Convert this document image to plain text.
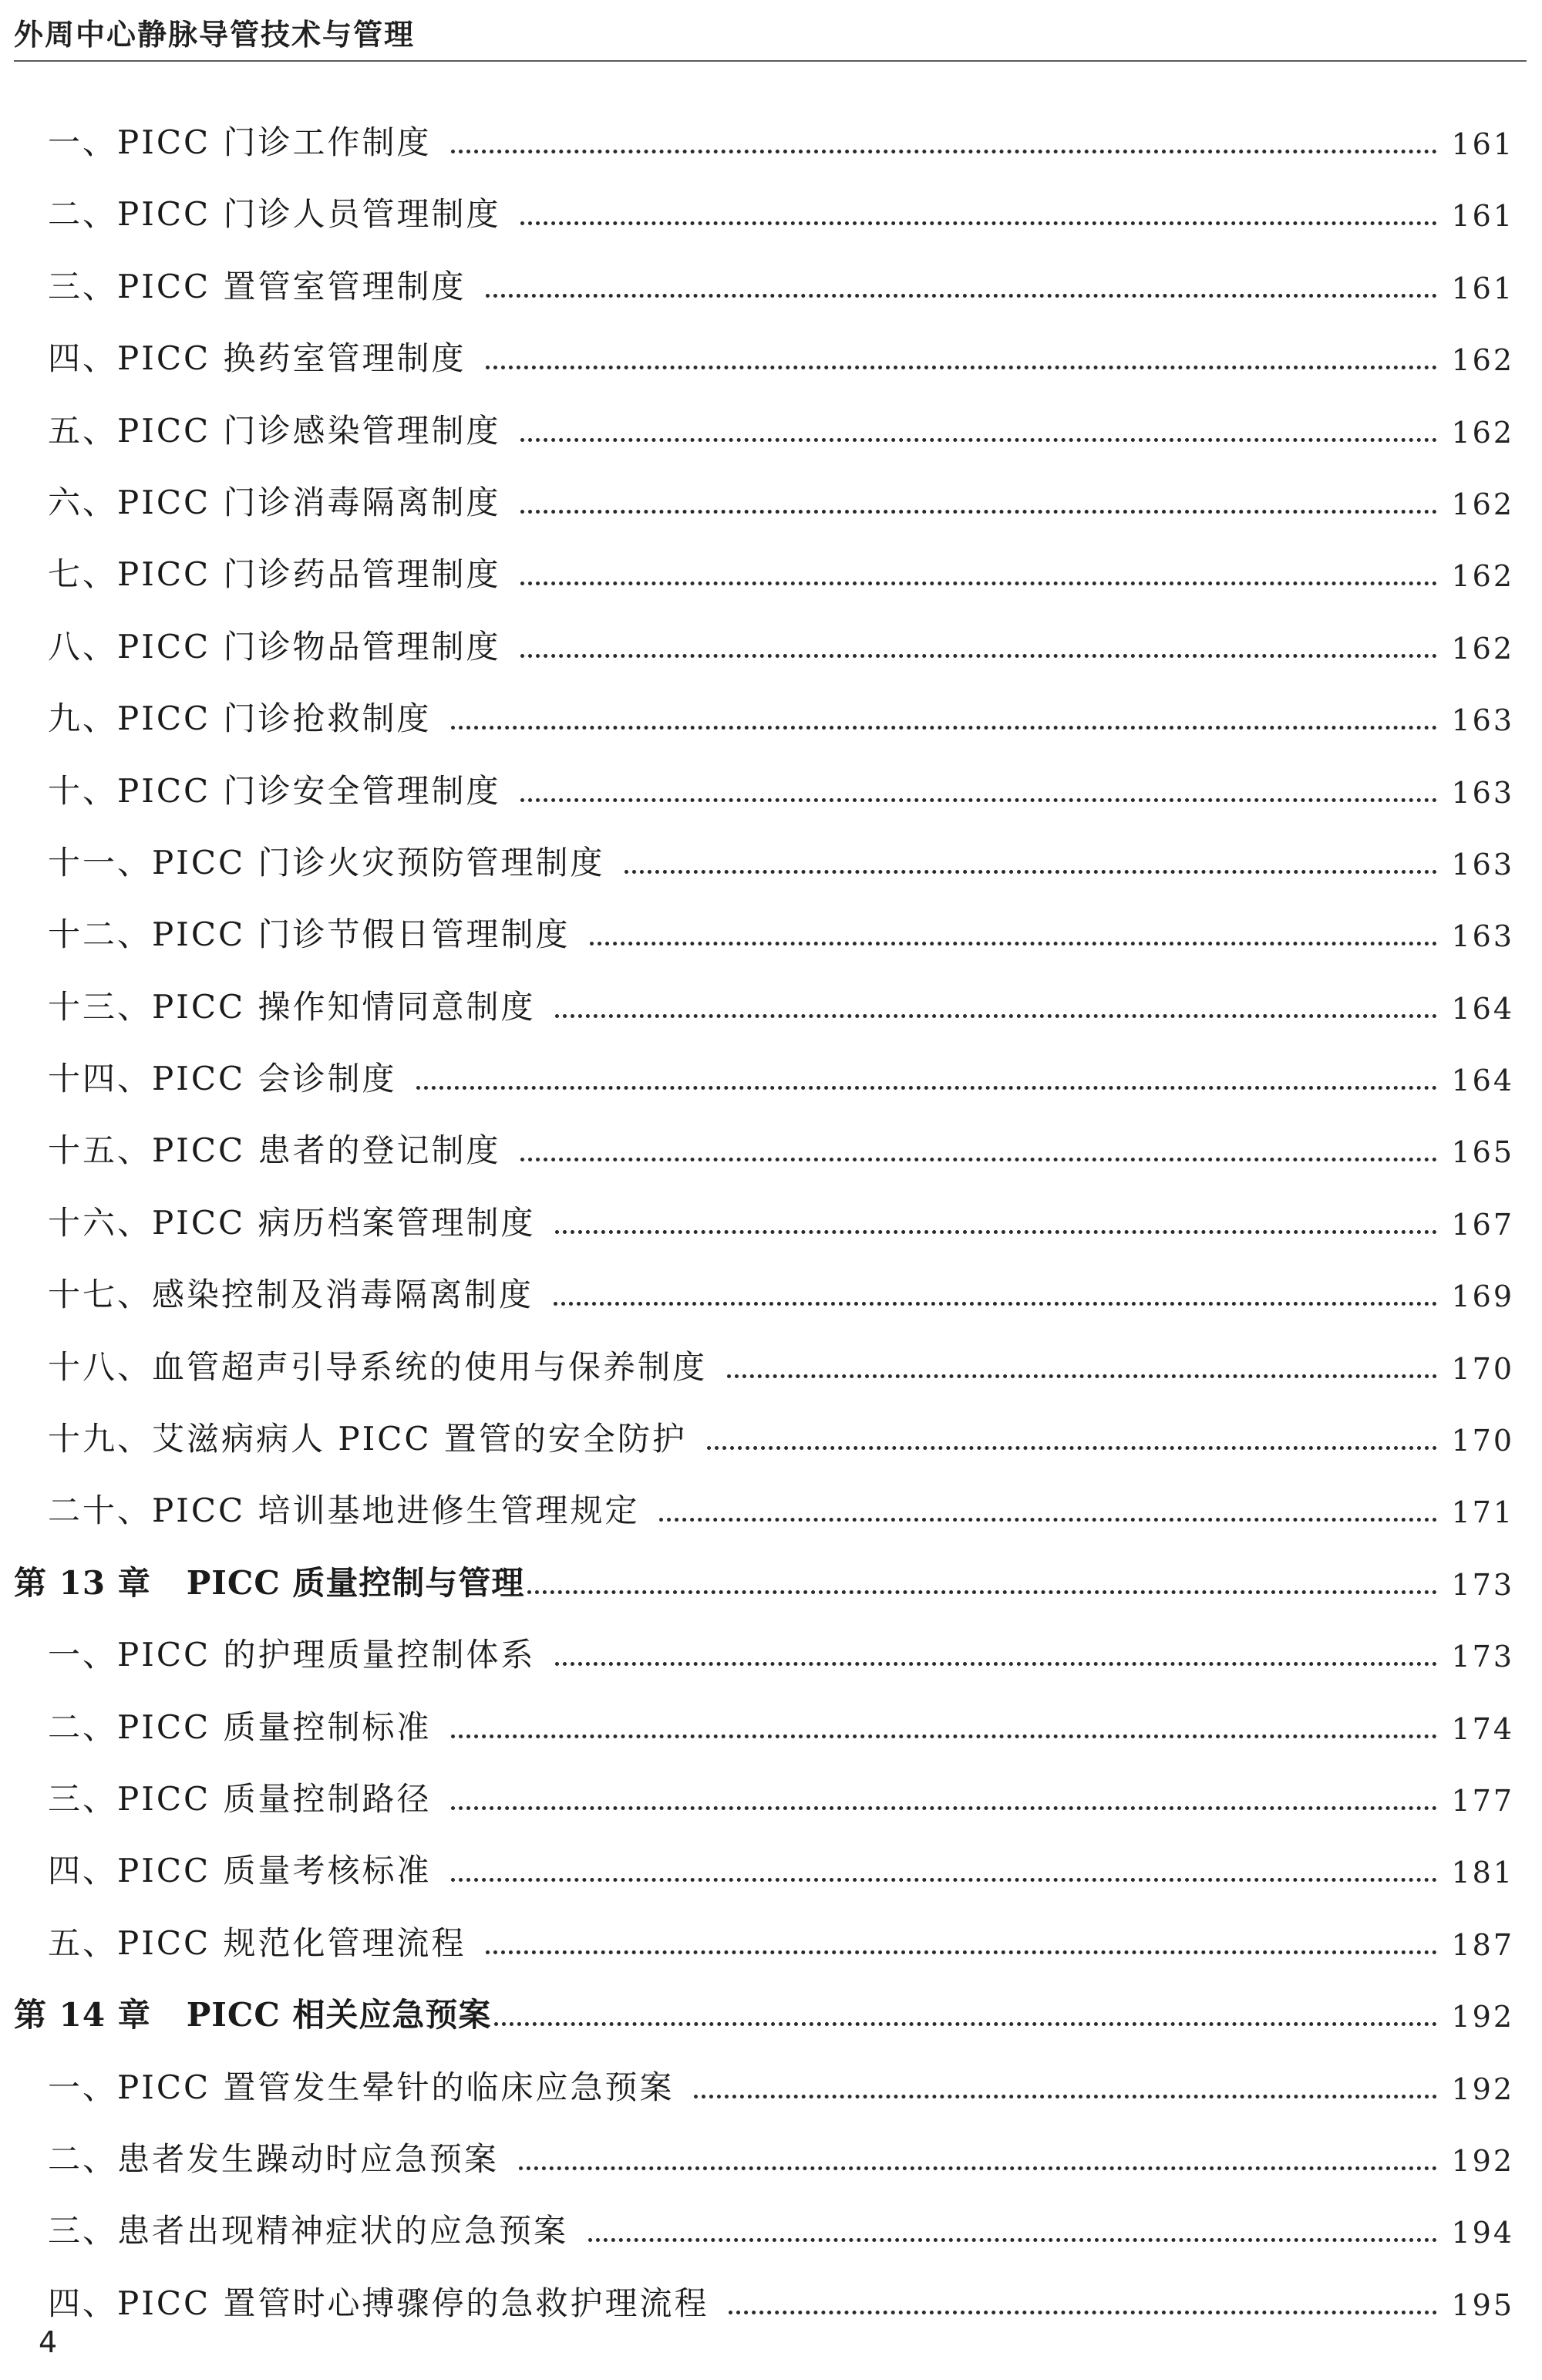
外周中心静脉导管技术与管理
一、PICC 门诊工作制度	161
二、PICC 门诊人员管理制度	161
三、PICC 置管室管理制度	161
四、PICC 换药室管理制度	162
五、PICC 门诊感染管理制度	162
六、PICC 门诊消毒隔离制度	162
七、PICC 门诊药品管理制度	162
八、PICC 门诊物品管理制度	162
九、PICC 门诊抢救制度	163
十、PICC 门诊安全管理制度	163
十一、PICC 门诊火灾预防管理制度	163
十二、PICC 门诊节假日管理制度	163
十三、PICC 操作知情同意制度	164
十四、PICC 会诊制度	164
十五、PICC 患者的登记制度	165
十六、PICC 病历档案管理制度	167
十七、感染控制及消毒隔离制度	169
十八、血管超声引导系统的使用与保养制度	170
十九、艾滋病病人 PICC 置管的安全防护	170
二十、PICC 培训基地进修生管理规定	171
第 13 章 PICC 质量控制与管理	173
一、PICC 的护理质量控制体系	173
二、PICC 质量控制标准	174
三、PICC 质量控制路径	177
四、PICC 质量考核标准	181
五、PICC 规范化管理流程	187
第 14 章 PICC 相关应急预案	192
一、PICC 置管发生晕针的临床应急预案	192
二、患者发生躁动时应急预案	192
三、患者出现精神症状的应急预案	194
四、PICC 置管时心搏骤停的急救护理流程	195
4
